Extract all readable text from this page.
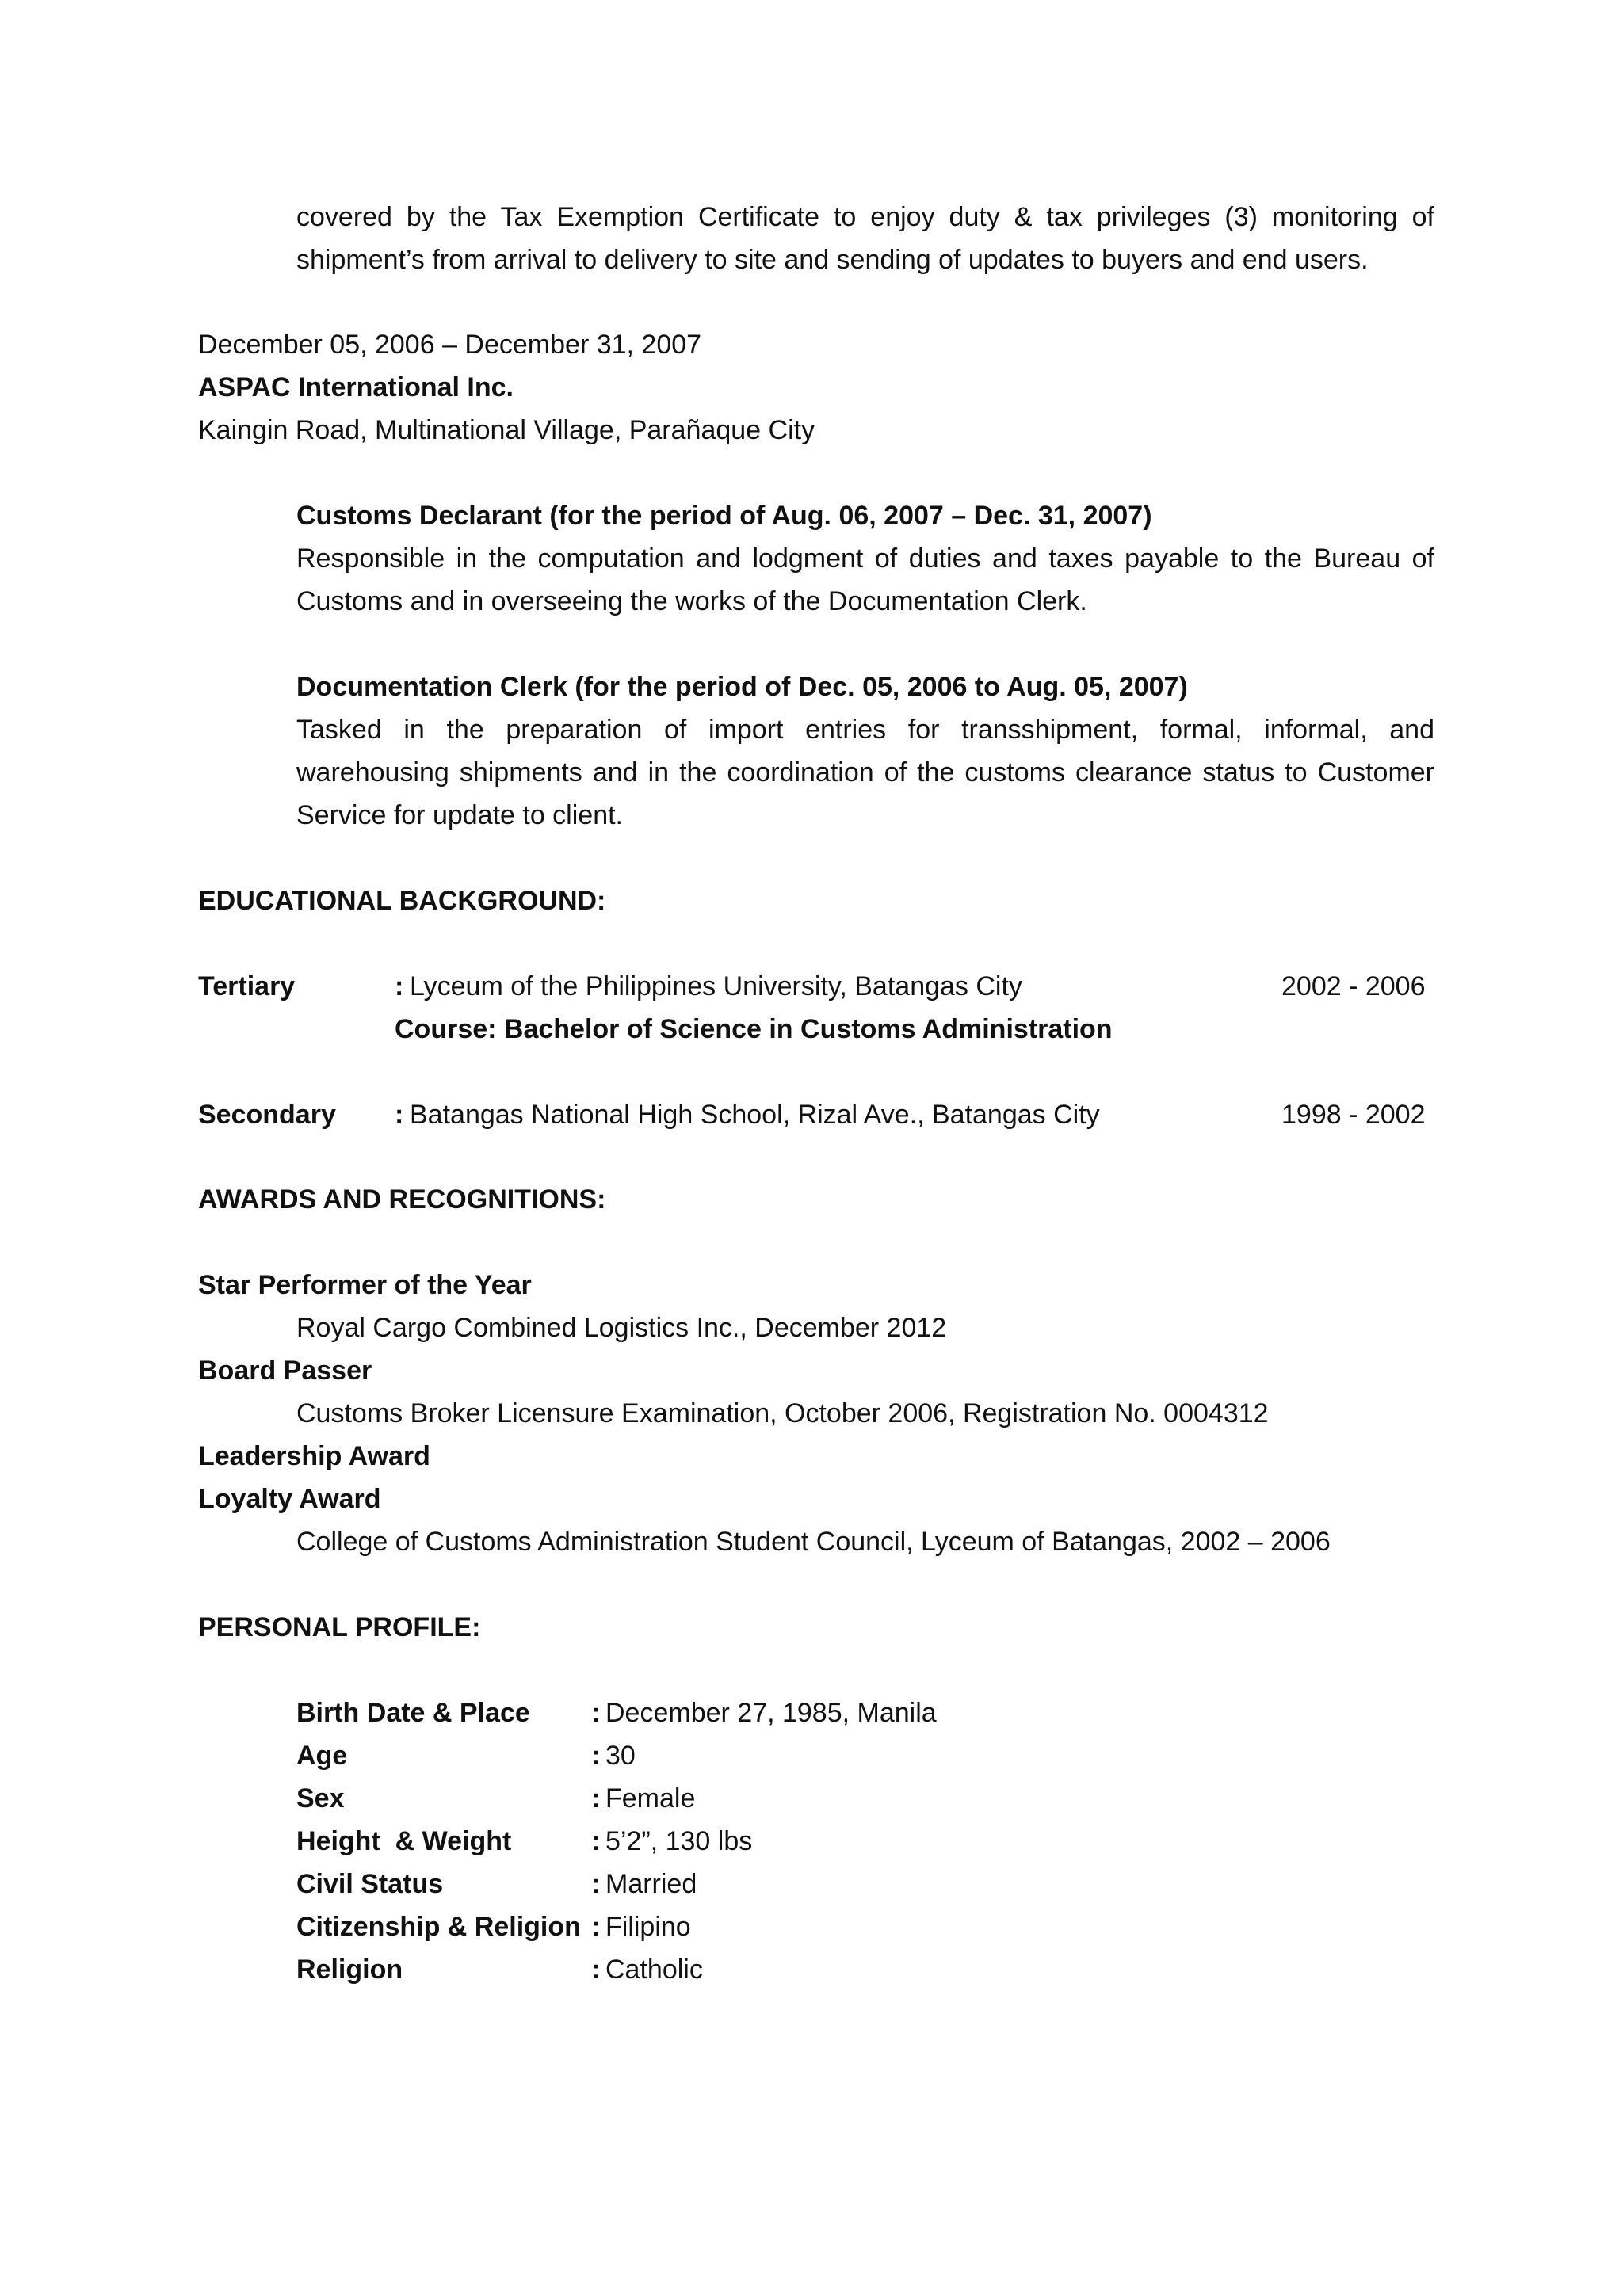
covered by the Tax Exemption Certificate to enjoy duty & tax privileges (3) monitoring of shipment’s from arrival to delivery to site and sending of updates to buyers and end users.
December 05, 2006 – December 31, 2007
ASPAC International Inc.
Kaingin Road, Multinational Village, Parañaque City
Customs Declarant (for the period of Aug. 06, 2007 – Dec. 31, 2007)
Responsible in the computation and lodgment of duties and taxes payable to the Bureau of Customs and in overseeing the works of the Documentation Clerk.
Documentation Clerk (for the period of Dec. 05, 2006 to Aug. 05, 2007)
Tasked in the preparation of import entries for transshipment, formal, informal, and warehousing shipments and in the coordination of the customs clearance status to Customer Service for update to client.
EDUCATIONAL BACKGROUND:
Tertiary	: Lyceum of the Philippines University, Batangas City	2002 - 2006
Course: Bachelor of Science in Customs Administration
Secondary : Batangas National High School, Rizal Ave., Batangas City	1998 - 2002
AWARDS AND RECOGNITIONS:
Star Performer of the Year
Royal Cargo Combined Logistics Inc., December 2012
Board Passer
Customs Broker Licensure Examination, October 2006, Registration No. 0004312
Leadership Award
Loyalty Award
College of Customs Administration Student Council, Lyceum of Batangas, 2002 – 2006
PERSONAL PROFILE:
Birth Date & Place : December 27, 1985, Manila
Age	: 30
Sex	: Female
Height  & Weight	: 5’2”, 130 lbs
Civil Status	: Married
Citizenship & Religion : Filipino
Religion	: Catholic
